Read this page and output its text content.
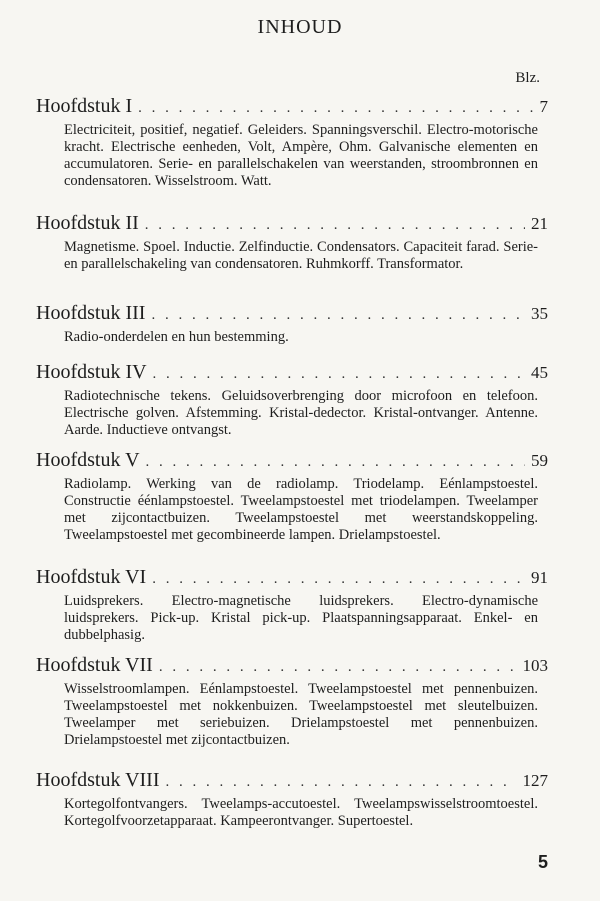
INHOUD
Blz.
Hoofdstuk I . . .	7
Electriciteit, positief, negatief. Geleiders. Spanningsverschil. Electro-motorische kracht. Electrische eenheden, Volt, Ampère, Ohm. Galvanische elementen en accumulatoren. Serie- en parallelschakelen van weerstanden, stroombronnen en condensatoren. Wisselstroom. Watt.
Hoofdstuk II . . .	21
Magnetisme. Spoel. Inductie. Zelfinductie. Condensators. Capaciteit farad. Serie- en parallelschakeling van condensatoren. Ruhmkorff. Transformator.
Hoofdstuk III . . .	35
Radio-onderdelen en hun bestemming.
Hoofdstuk IV . . .	45
Radiotechnische tekens. Geluidsoverbrenging door microfoon en telefoon. Electrische golven. Afstemming. Kristal-dedector. Kristal-ontvanger. Antenne. Aarde. Inductieve ontvangst.
Hoofdstuk V . . .	59
Radiolamp. Werking van de radiolamp. Triodelamp. Eénlampstoestel. Constructie éénlampstoestel. Tweelampstoestel met triodelampen. Tweelamper met zijcontactbuizen. Tweelampstoestel met weerstandskoppeling. Tweelampstoestel met gecombineerde lampen. Drielampstoestel.
Hoofdstuk VI . . .	91
Luidsprekers. Electro-magnetische luidsprekers. Electro-dynamische luidsprekers. Pick-up. Kristal pick-up. Plaatspanningsapparaat. Enkel- en dubbelphasig.
Hoofdstuk VII . . .	103
Wisselstroomlampen. Eénlampstoestel. Tweelampstoestel met pennenbuizen. Tweelampstoestel met nokkenbuizen. Tweelampstoestel met sleutelbuizen. Tweelamper met seriebuizen. Drielampstoestel met pennenbuizen. Drielampstoestel met zijcontactbuizen.
Hoofdstuk VIII . . .	127
Kortegolfontvangers. Tweelamps-accutoestel. Tweelampswisselstroomtoestel. Kortegolfvoorzetapparaat. Kampeerontvanger. Supertoestel.
5
